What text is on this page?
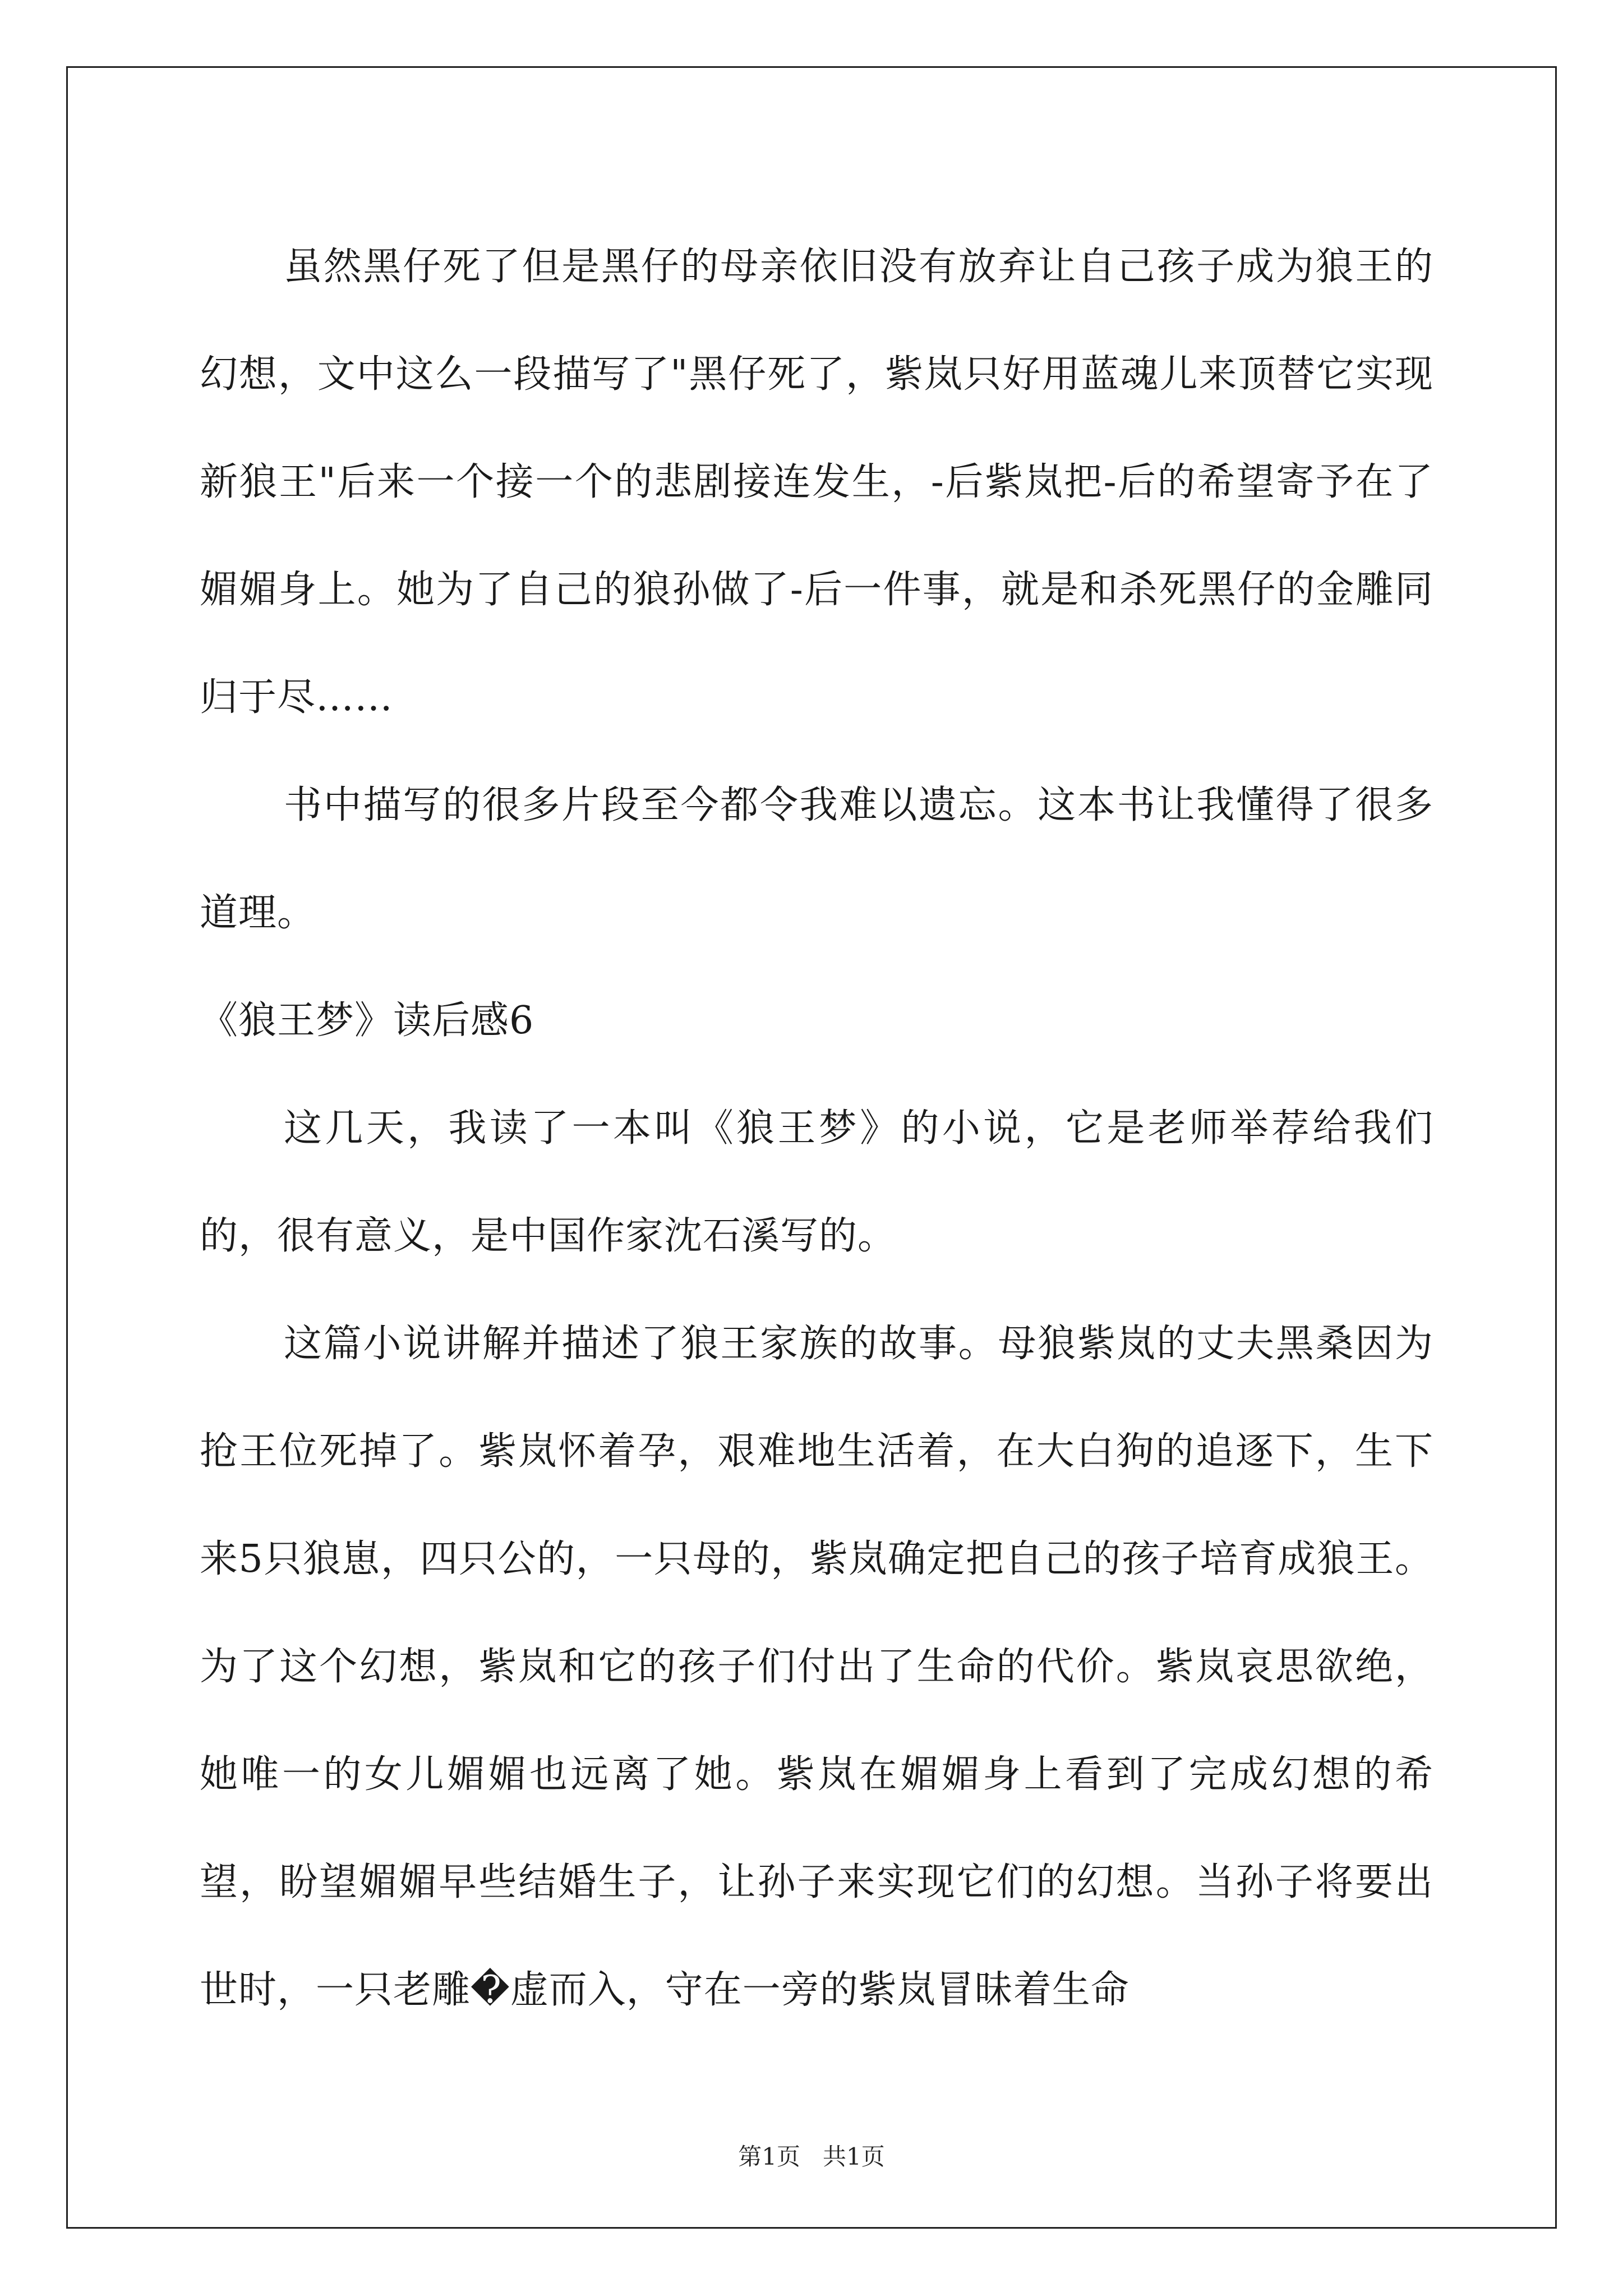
虽然黑仔死了但是黑仔的母亲依旧没有放弃让自己孩子成为狼王的幻想，文中这么一段描写了"黑仔死了，紫岚只好用蓝魂儿来顶替它实现新狼王"后来一个接一个的悲剧接连发生，-后紫岚把-后的希望寄予在了媚媚身上。她为了自己的狼孙做了-后一件事，就是和杀死黑仔的金雕同归于尽……

书中描写的很多片段至今都令我难以遗忘。这本书让我懂得了很多道理。

《狼王梦》读后感6

这几天，我读了一本叫《狼王梦》的小说，它是老师举荐给我们的，很有意义，是中国作家沈石溪写的。

这篇小说讲解并描述了狼王家族的故事。母狼紫岚的丈夫黑桑因为抢王位死掉了。紫岚怀着孕，艰难地生活着，在大白狗的追逐下，生下来5只狼崽，四只公的，一只母的，紫岚确定把自己的孩子培育成狼王。为了这个幻想，紫岚和它的孩子们付出了生命的代价。紫岚哀思欲绝，她唯一的女儿媚媚也远离了她。紫岚在媚媚身上看到了完成幻想的希望，盼望媚媚早些结婚生子，让孙子来实现它们的幻想。当孙子将要出世时，一只老雕�虚而入，守在一旁的紫岚冒昧着生命

第1页   共1页
